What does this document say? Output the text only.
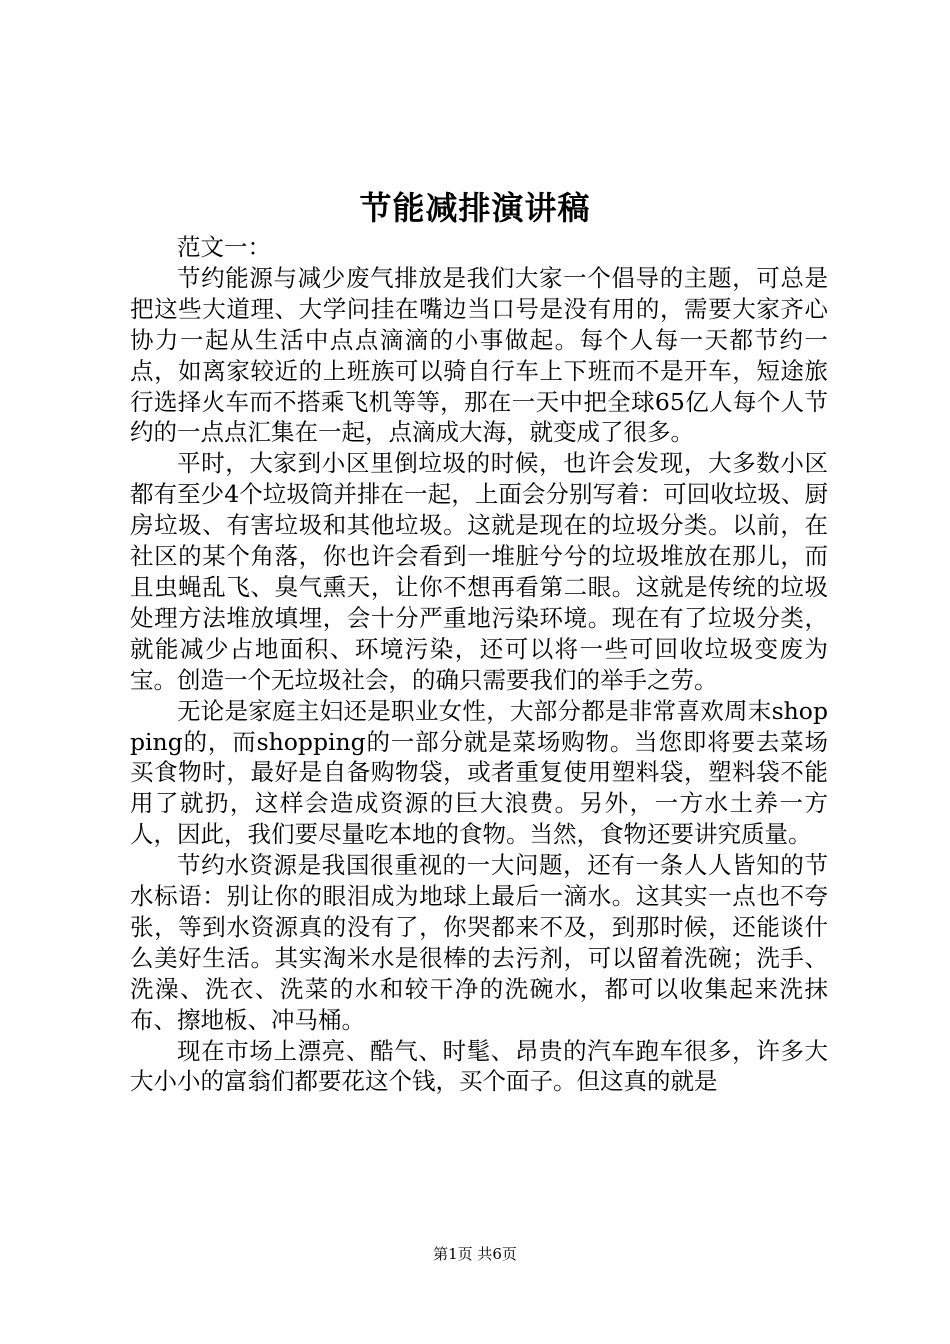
节能减排演讲稿

范文一：

节约能源与减少废气排放是我们大家一个倡导的主题，可总是把这些大道理、大学问挂在嘴边当口号是没有用的，需要大家齐心协力一起从生活中点点滴滴的小事做起。每个人每一天都节约一点，如离家较近的上班族可以骑自行车上下班而不是开车，短途旅行选择火车而不搭乘飞机等等，那在一天中把全球65亿人每个人节约的一点点汇集在一起，点滴成大海，就变成了很多。

平时，大家到小区里倒垃圾的时候，也许会发现，大多数小区都有至少4个垃圾筒并排在一起，上面会分别写着：可回收垃圾、厨房垃圾、有害垃圾和其他垃圾。这就是现在的垃圾分类。以前，在社区的某个角落，你也许会看到一堆脏兮兮的垃圾堆放在那儿，而且虫蝇乱飞、臭气熏天，让你不想再看第二眼。这就是传统的垃圾处理方法堆放填埋，会十分严重地污染环境。现在有了垃圾分类，就能减少占地面积、环境污染，还可以将一些可回收垃圾变废为宝。创造一个无垃圾社会，的确只需要我们的举手之劳。

无论是家庭主妇还是职业女性，大部分都是非常喜欢周末shopping的，而shopping的一部分就是菜场购物。当您即将要去菜场买食物时，最好是自备购物袋，或者重复使用塑料袋，塑料袋不能用了就扔，这样会造成资源的巨大浪费。另外，一方水土养一方人，因此，我们要尽量吃本地的食物。当然，食物还要讲究质量。

节约水资源是我国很重视的一大问题，还有一条人人皆知的节水标语：别让你的眼泪成为地球上最后一滴水。这其实一点也不夸张，等到水资源真的没有了，你哭都来不及，到那时候，还能谈什么美好生活。其实淘米水是很棒的去污剂，可以留着洗碗；洗手、洗澡、洗衣、洗菜的水和较干净的洗碗水，都可以收集起来洗抹布、擦地板、冲马桶。

现在市场上漂亮、酷气、时髦、昂贵的汽车跑车很多，许多大大小小的富翁们都要花这个钱，买个面子。但这真的就是

第1页 共6页
